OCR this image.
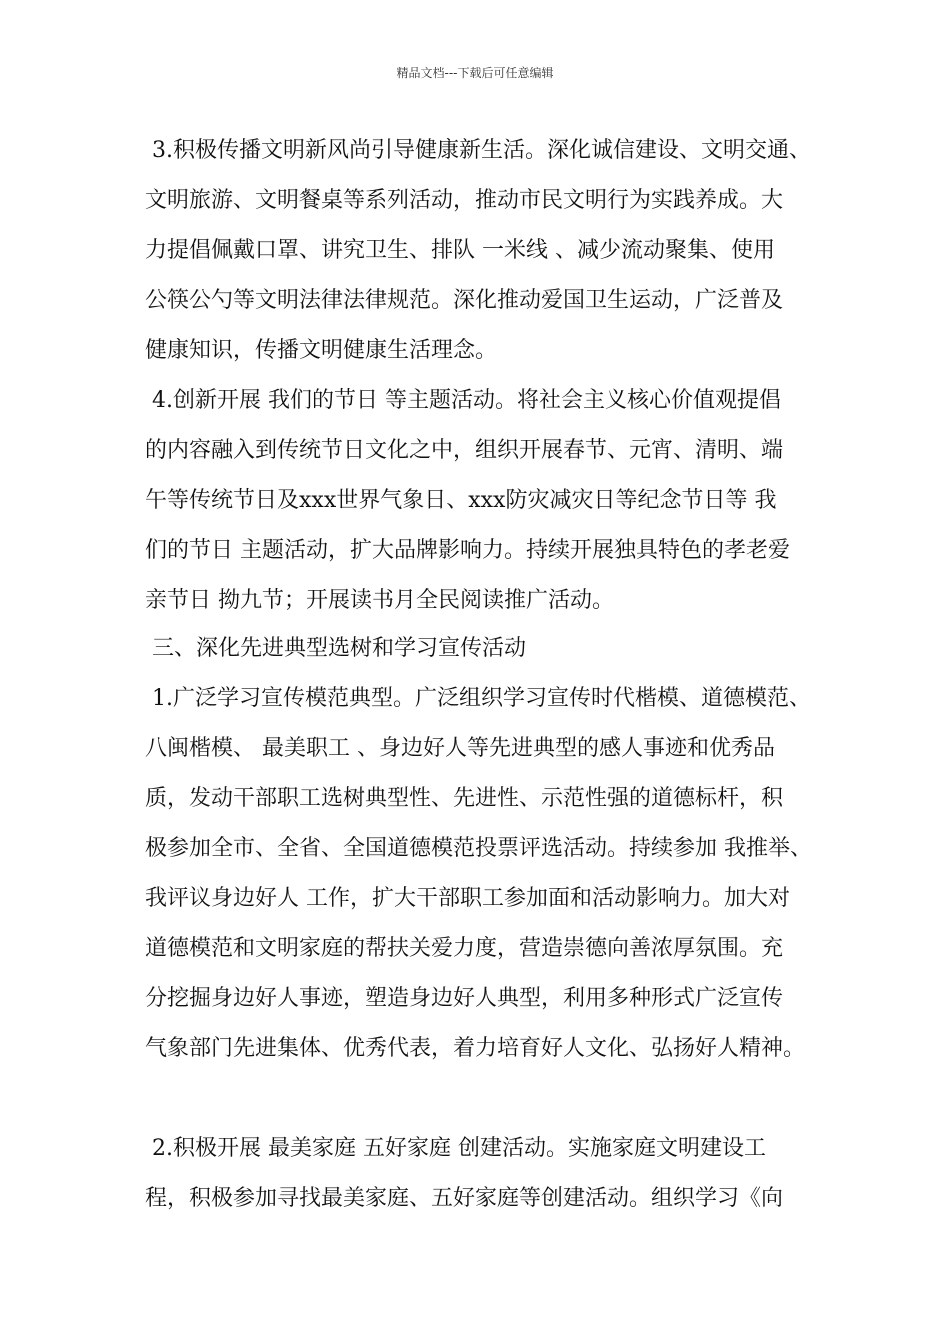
精品文档---下载后可任意编辑
3.积极传播文明新风尚引导健康新生活。深化诚信建设、文明交通、
文明旅游、文明餐桌等系列活动，推动市民文明行为实践养成。大
力提倡佩戴口罩、讲究卫生、排队 一米线 、减少流动聚集、使用
公筷公勺等文明法律法律规范。深化推动爱国卫生运动，广泛普及
健康知识，传播文明健康生活理念。
4.创新开展 我们的节日 等主题活动。将社会主义核心价值观提倡
的内容融入到传统节日文化之中，组织开展春节、元宵、清明、端
午等传统节日及xxx世界气象日、xxx防灾减灾日等纪念节日等 我
们的节日 主题活动，扩大品牌影响力。持续开展独具特色的孝老爱
亲节日 拗九节；开展读书月全民阅读推广活动。
三、深化先进典型选树和学习宣传活动
1.广泛学习宣传模范典型。广泛组织学习宣传时代楷模、道德模范、
八闽楷模、 最美职工 、身边好人等先进典型的感人事迹和优秀品
质，发动干部职工选树典型性、先进性、示范性强的道德标杆，积
极参加全市、全省、全国道德模范投票评选活动。持续参加 我推举、
我评议身边好人 工作，扩大干部职工参加面和活动影响力。加大对
道德模范和文明家庭的帮扶关爱力度，营造崇德向善浓厚氛围。充
分挖掘身边好人事迹，塑造身边好人典型，利用多种形式广泛宣传
气象部门先进集体、优秀代表，着力培育好人文化、弘扬好人精神。
2.积极开展 最美家庭 五好家庭 创建活动。实施家庭文明建设工
程，积极参加寻找最美家庭、五好家庭等创建活动。组织学习《向
